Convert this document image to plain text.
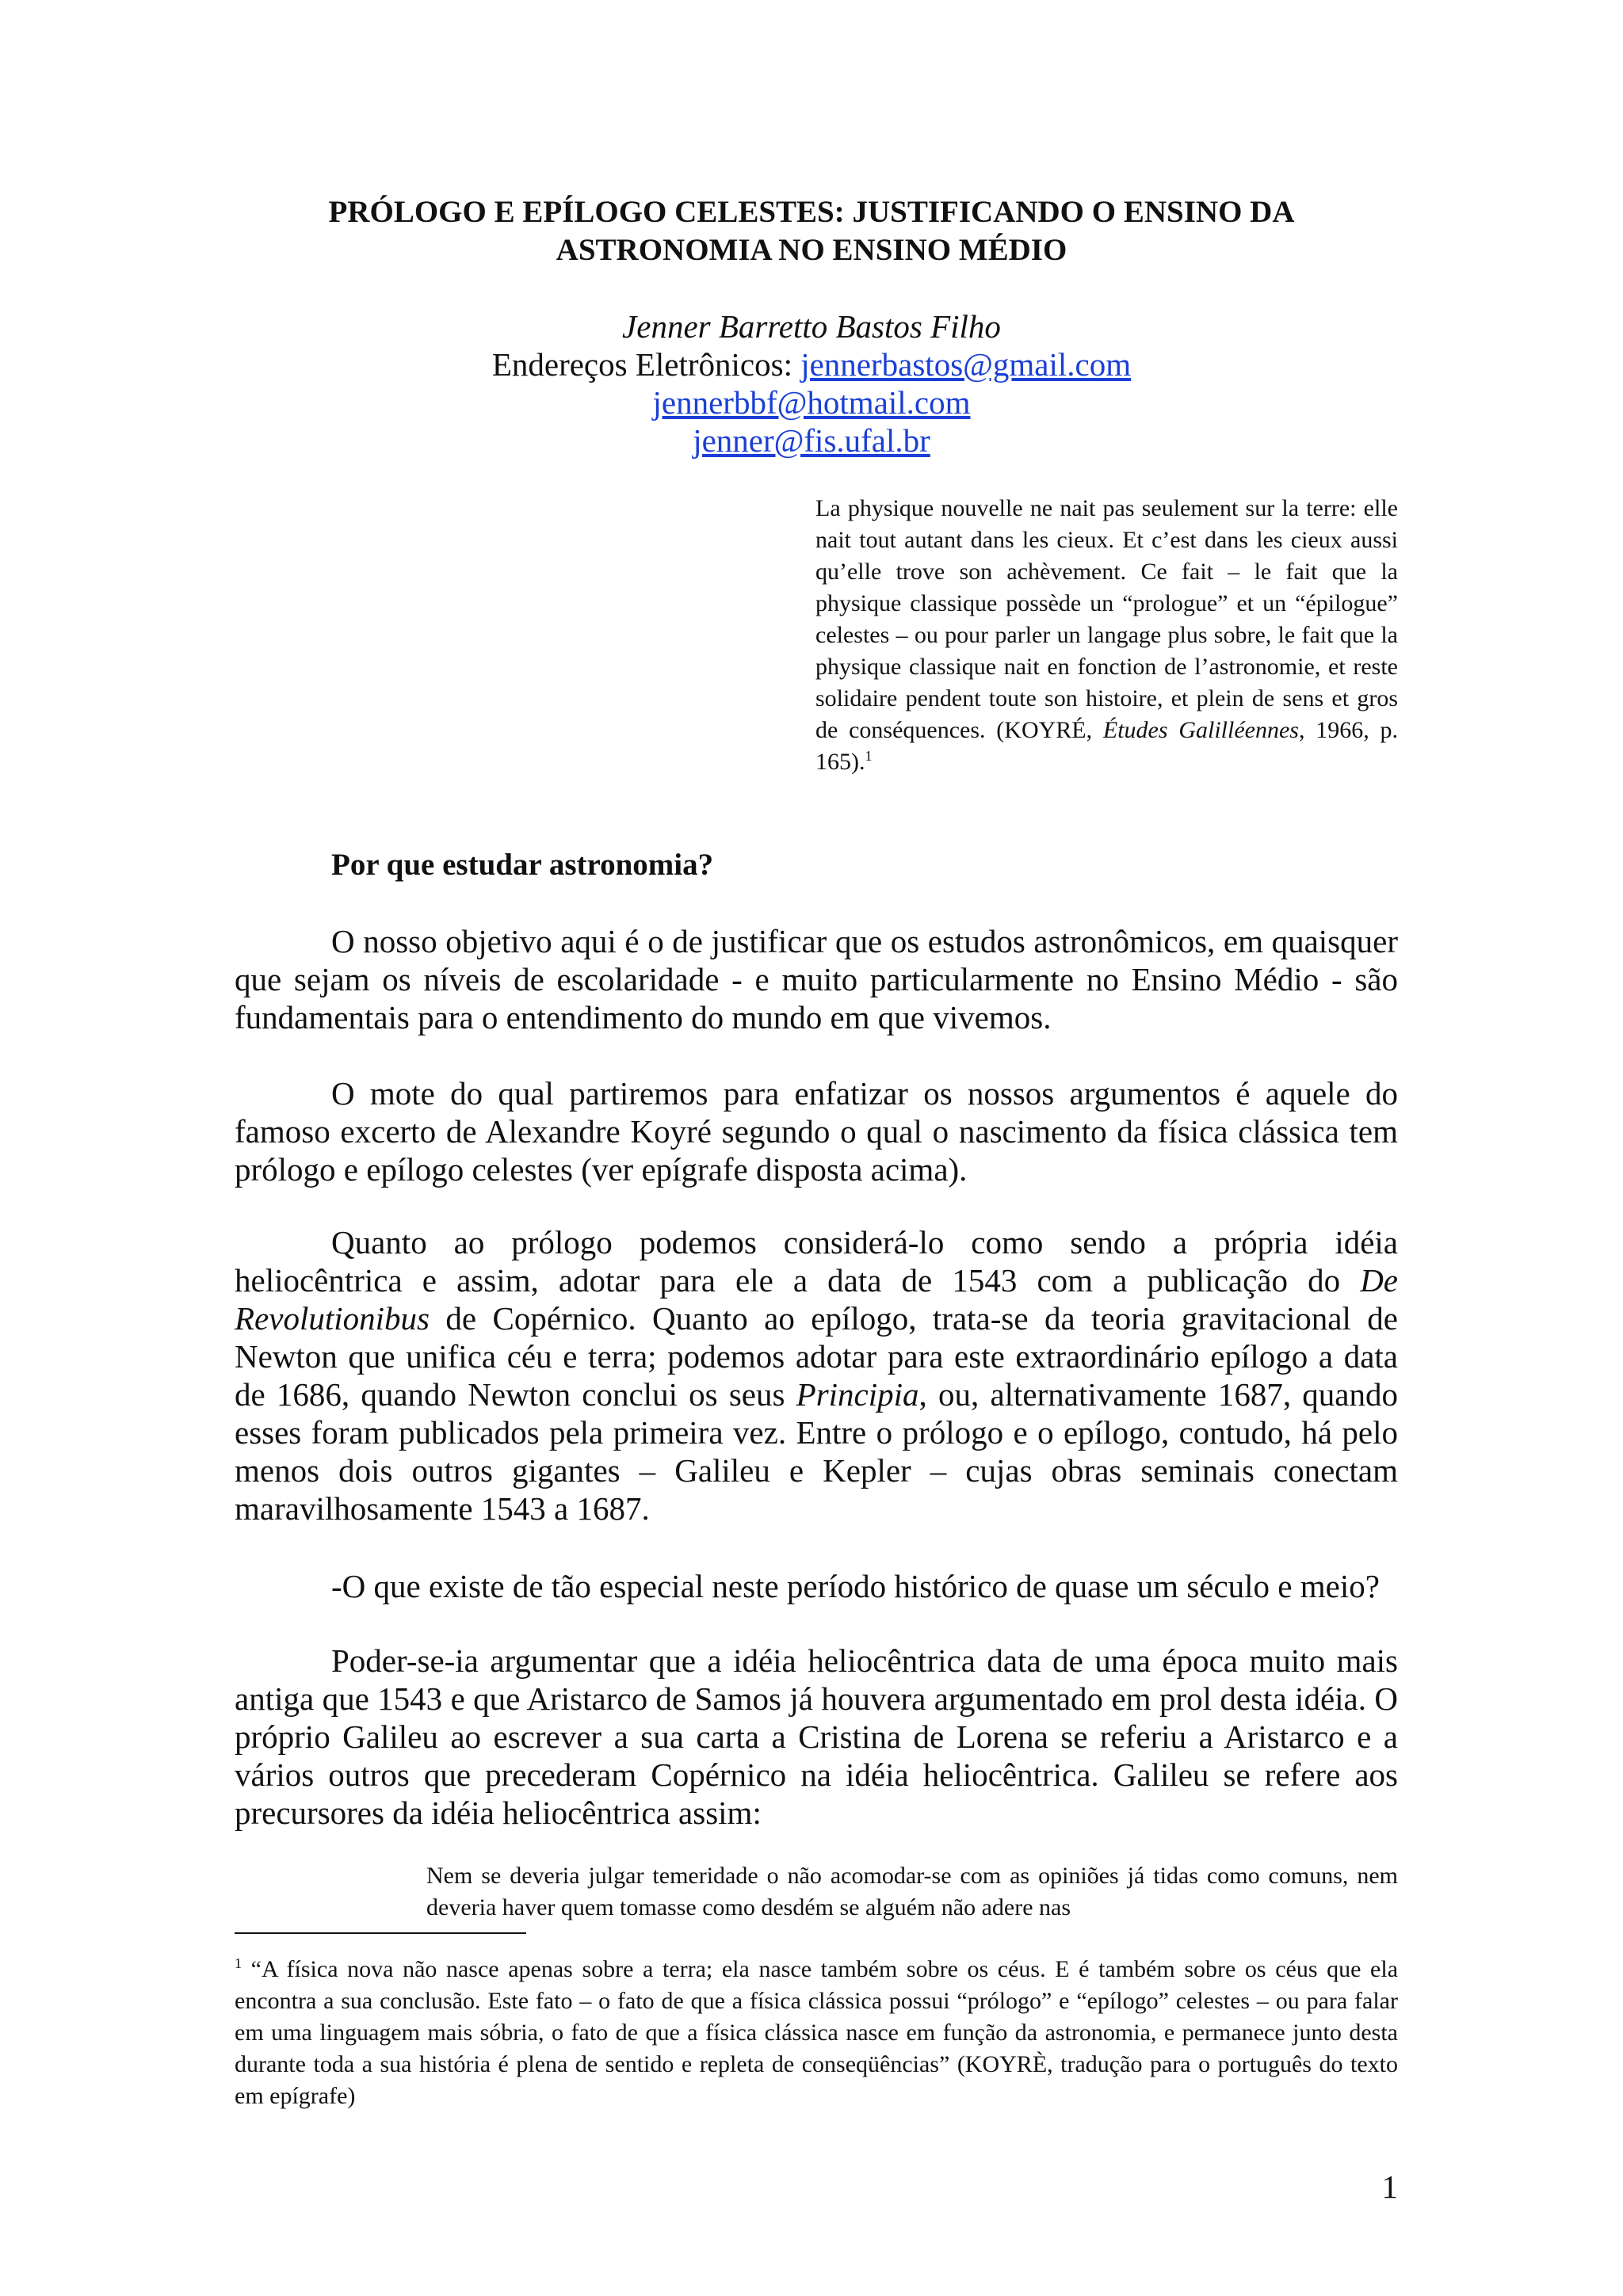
PRÓLOGO E EPÍLOGO CELESTES: JUSTIFICANDO O ENSINO DA
ASTRONOMIA NO ENSINO MÉDIO
Jenner Barretto Bastos Filho
Endereços Eletrônicos: jennerbastos@gmail.com
jennerbbf@hotmail.com
jenner@fis.ufal.br

La physique nouvelle ne nait pas seulement sur la terre: elle nait tout autant dans les cieux. Et c’est dans les cieux aussi qu’elle trove son achèvement. Ce fait – le fait que la physique classique possède un “prologue” et un “épilogue” celestes – ou pour parler un langage plus sobre, le fait que la physique classique nait en fonction de l’astronomie, et reste solidaire pendent toute son histoire, et plein de sens et gros de conséquences. (KOYRÉ, Études Galilléennes, 1966, p. 165).$^1$

Por que estudar astronomia?

O nosso objetivo aqui é o de justificar que os estudos astronômicos, em quaisquer que sejam os níveis de escolaridade - e muito particularmente no Ensino Médio - são fundamentais para o entendimento do mundo em que vivemos.

O mote do qual partiremos para enfatizar os nossos argumentos é aquele do famoso excerto de Alexandre Koyré segundo o qual o nascimento da física clássica tem prólogo e epílogo celestes (ver epígrafe disposta acima).

Quanto ao prólogo podemos considerá-lo como sendo a própria idéia heliocêntrica e assim, adotar para ele a data de 1543 com a publicação do De Revolutionibus de Copérnico. Quanto ao epílogo, trata-se da teoria gravitacional de Newton que unifica céu e terra; podemos adotar para este extraordinário epílogo a data de 1686, quando Newton conclui os seus Principia, ou, alternativamente 1687, quando esses foram publicados pela primeira vez. Entre o prólogo e o epílogo, contudo, há pelo menos dois outros gigantes – Galileu e Kepler – cujas obras seminais conectam maravilhosamente 1543 a 1687.

-O que existe de tão especial neste período histórico de quase um século e meio?

Poder-se-ia argumentar que a idéia heliocêntrica data de uma época muito mais antiga que 1543 e que Aristarco de Samos já houvera argumentado em prol desta idéia. O próprio Galileu ao escrever a sua carta a Cristina de Lorena se referiu a Aristarco e a vários outros que precederam Copérnico na idéia heliocêntrica. Galileu se refere aos precursores da idéia heliocêntrica assim:

Nem se deveria julgar temeridade o não acomodar-se com as opiniões já tidas como comuns, nem deveria haver quem tomasse como desdém se alguém não adere nas

$^1$ “A física nova não nasce apenas sobre a terra; ela nasce também sobre os céus. E é também sobre os céus que ela encontra a sua conclusão. Este fato – o fato de que a física clássica possui “prólogo” e “epílogo” celestes – ou para falar em uma linguagem mais sóbria, o fato de que a física clássica nasce em função da astronomia, e permanece junto desta durante toda a sua história é plena de sentido e repleta de conseqüências” (KOYRÈ, tradução para o português do texto em epígrafe)

1
